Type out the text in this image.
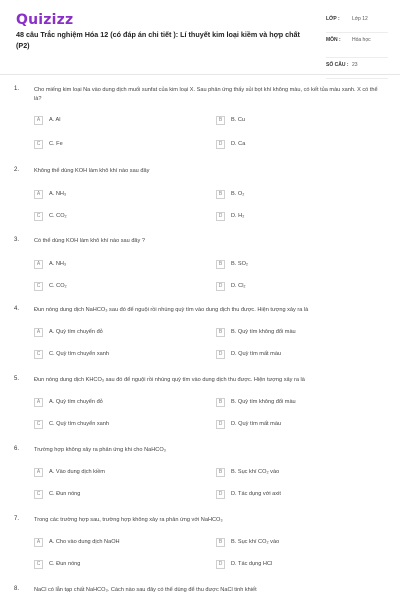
Quizizz
48 câu Trắc nghiệm Hóa 12 (có đáp án chi tiết ): Lí thuyết kim loại kiềm và hợp chất (P2)
LỚP :	Lớp 12
MÔN :	Hóa học
SỐ CÂU : 23
1.	Cho miếng kim loại Na vào dung dịch muối sunfat của kim loại X. Sau phản ứng thấy sủi bọt khí không màu, có kết tủa màu xanh. X có thể là?
A	A. Al	B	B. Cu
C	C. Fe	D	D. Ca
2.	Không thể dùng KOH làm khô khí nào sau đây
A	A. NH₃	B	B. O₂
C	C. CO₂	D	D. H₂
3.	Có thể dùng KOH làm khô khí nào sau đây ?
A	A. NH₃	B	B. SO₂
C	C. CO₂	D	D. Cl₂
4.	Đun nóng dung dịch NaHCO₃ sau đó để nguội rồi nhúng quỳ tím vào dung dịch thu được. Hiện tượng xảy ra là
A	A. Quỳ tím chuyển đỏ	B	B. Quỳ tím không đổi màu
C	C. Quỳ tím chuyển xanh	D	D. Quỳ tím mất màu
5.	Đun nóng dung dịch KHCO₃ sau đó để nguội rồi nhúng quỳ tím vào dung dịch thu được. Hiện tượng xảy ra là
A	A. Quỳ tím chuyển đỏ	B	B. Quỳ tím không đổi màu
C	C. Quỳ tím chuyển xanh	D	D. Quỳ tím mất màu
6.	Trường hợp không xảy ra phản ứng khi cho NaHCO₃
A	A. Vào dung dịch kiềm	B	B. Sục khí CO₂ vào
C	C. Đun nóng	D	D. Tác dụng với axit
7.	Trong các trường hợp sau, trường hợp không xảy ra phản ứng với NaHCO₃
A	A. Cho vào dung dịch NaOH	B	B. Sục khí CO₂ vào
C	C. Đun nóng	D	D. Tác dụng HCl
8.	NaCl có lẫn tạp chất NaHCO₃. Cách nào sau đây có thể dùng để thu được NaCl tinh khiết
